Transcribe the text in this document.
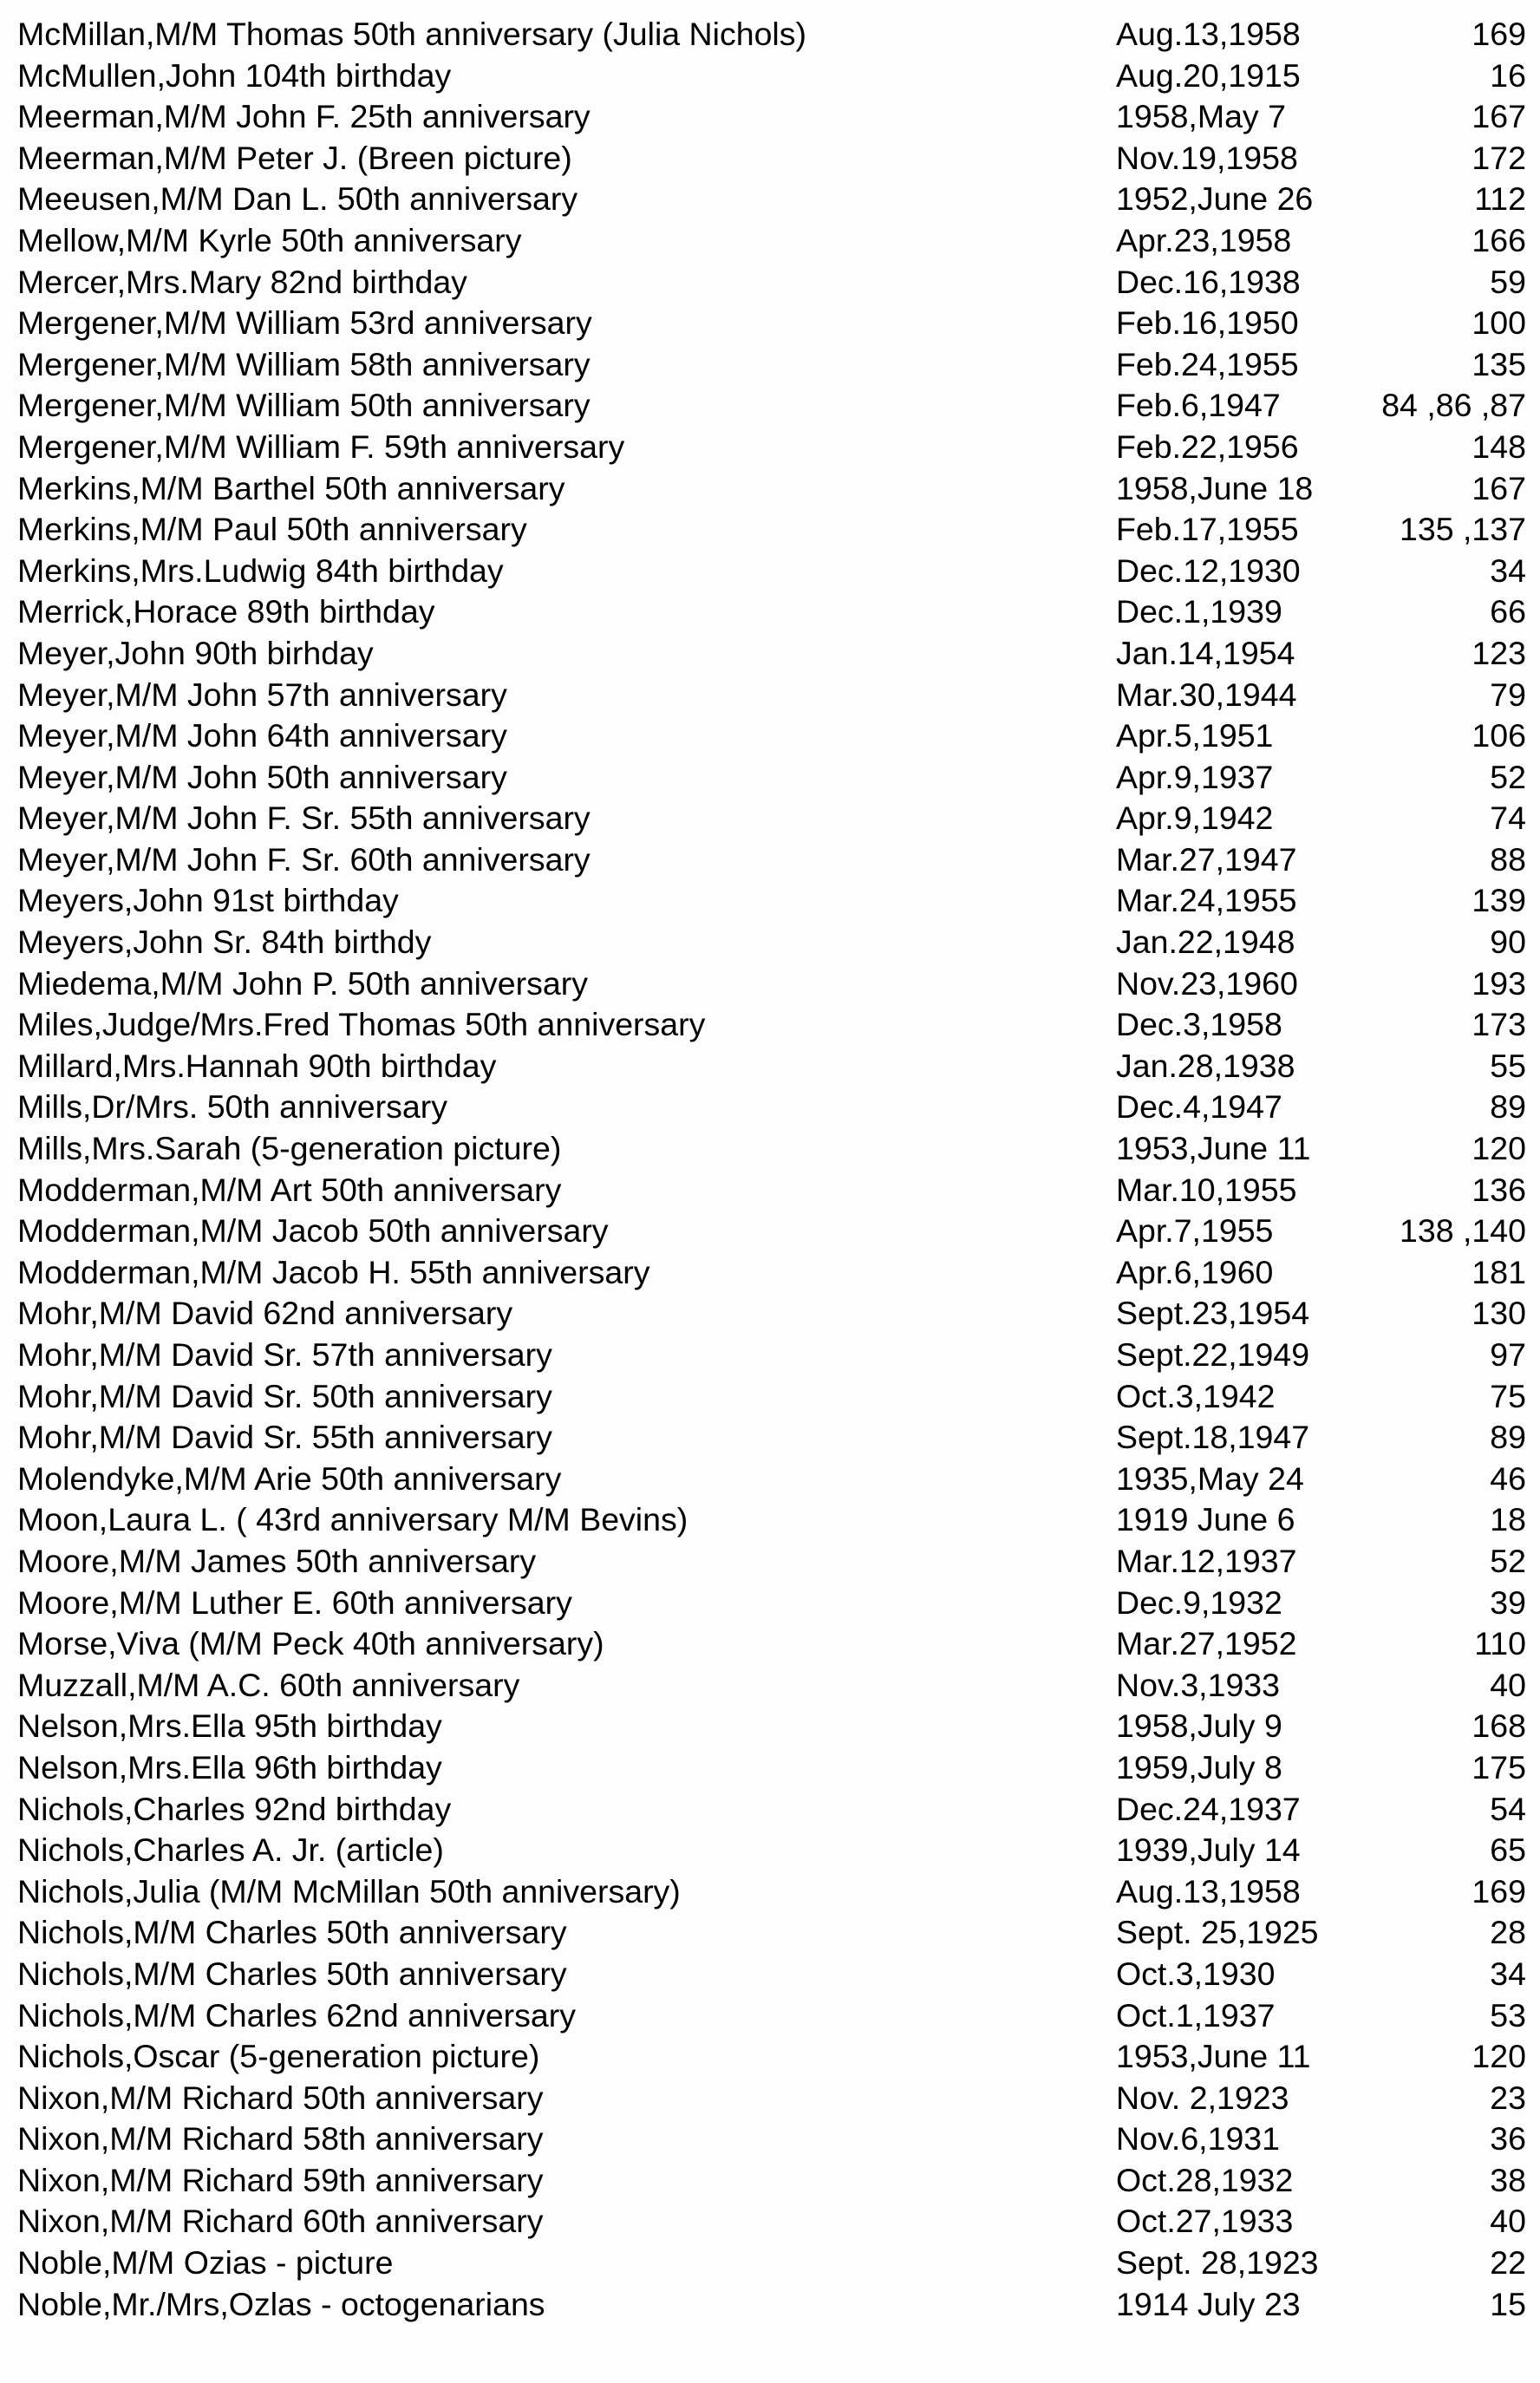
McMillan,M/M Thomas 50th anniversary (Julia Nichols)	Aug.13,1958	169
McMullen,John 104th birthday	Aug.20,1915	16
Meerman,M/M John F. 25th anniversary	1958,May 7	167
Meerman,M/M Peter J. (Breen picture)	Nov.19,1958	172
Meeusen,M/M Dan L. 50th anniversary	1952,June 26	112
Mellow,M/M Kyrle 50th anniversary	Apr.23,1958	166
Mercer,Mrs.Mary 82nd birthday	Dec.16,1938	59
Mergener,M/M William 53rd anniversary	Feb.16,1950	100
Mergener,M/M William 58th anniversary	Feb.24,1955	135
Mergener,M/M William 50th anniversary	Feb.6,1947	84 ,86 ,87
Mergener,M/M William F. 59th anniversary	Feb.22,1956	148
Merkins,M/M Barthel 50th anniversary	1958,June 18	167
Merkins,M/M Paul 50th anniversary	Feb.17,1955	135 ,137
Merkins,Mrs.Ludwig 84th birthday	Dec.12,1930	34
Merrick,Horace 89th birthday	Dec.1,1939	66
Meyer,John 90th birhday	Jan.14,1954	123
Meyer,M/M John 57th anniversary	Mar.30,1944	79
Meyer,M/M John 64th anniversary	Apr.5,1951	106
Meyer,M/M John 50th anniversary	Apr.9,1937	52
Meyer,M/M John F. Sr. 55th anniversary	Apr.9,1942	74
Meyer,M/M John F. Sr. 60th anniversary	Mar.27,1947	88
Meyers,John 91st birthday	Mar.24,1955	139
Meyers,John Sr. 84th birthdy	Jan.22,1948	90
Miedema,M/M John P. 50th anniversary	Nov.23,1960	193
Miles,Judge/Mrs.Fred Thomas 50th anniversary	Dec.3,1958	173
Millard,Mrs.Hannah 90th birthday	Jan.28,1938	55
Mills,Dr/Mrs. 50th anniversary	Dec.4,1947	89
Mills,Mrs.Sarah (5-generation picture)	1953,June 11	120
Modderman,M/M Art 50th anniversary	Mar.10,1955	136
Modderman,M/M Jacob 50th anniversary	Apr.7,1955	138 ,140
Modderman,M/M Jacob H. 55th anniversary	Apr.6,1960	181
Mohr,M/M David 62nd anniversary	Sept.23,1954	130
Mohr,M/M David Sr. 57th anniversary	Sept.22,1949	97
Mohr,M/M David Sr. 50th anniversary	Oct.3,1942	75
Mohr,M/M David Sr. 55th anniversary	Sept.18,1947	89
Molendyke,M/M Arie 50th anniversary	1935,May 24	46
Moon,Laura L. ( 43rd anniversary M/M Bevins)	1919 June 6	18
Moore,M/M James 50th anniversary	Mar.12,1937	52
Moore,M/M Luther E. 60th anniversary	Dec.9,1932	39
Morse,Viva (M/M Peck 40th anniversary)	Mar.27,1952	110
Muzzall,M/M A.C. 60th anniversary	Nov.3,1933	40
Nelson,Mrs.Ella 95th birthday	1958,July 9	168
Nelson,Mrs.Ella 96th birthday	1959,July 8	175
Nichols,Charles 92nd birthday	Dec.24,1937	54
Nichols,Charles A. Jr. (article)	1939,July 14	65
Nichols,Julia (M/M McMillan 50th anniversary)	Aug.13,1958	169
Nichols,M/M Charles 50th anniversary	Sept. 25,1925	28
Nichols,M/M Charles 50th anniversary	Oct.3,1930	34
Nichols,M/M Charles 62nd anniversary	Oct.1,1937	53
Nichols,Oscar (5-generation picture)	1953,June 11	120
Nixon,M/M Richard 50th anniversary	Nov. 2,1923	23
Nixon,M/M Richard 58th anniversary	Nov.6,1931	36
Nixon,M/M Richard 59th anniversary	Oct.28,1932	38
Nixon,M/M Richard 60th anniversary	Oct.27,1933	40
Noble,M/M Ozias - picture	Sept. 28,1923	22
Noble,Mr./Mrs,Ozlas - octogenarians	1914 July 23	15
